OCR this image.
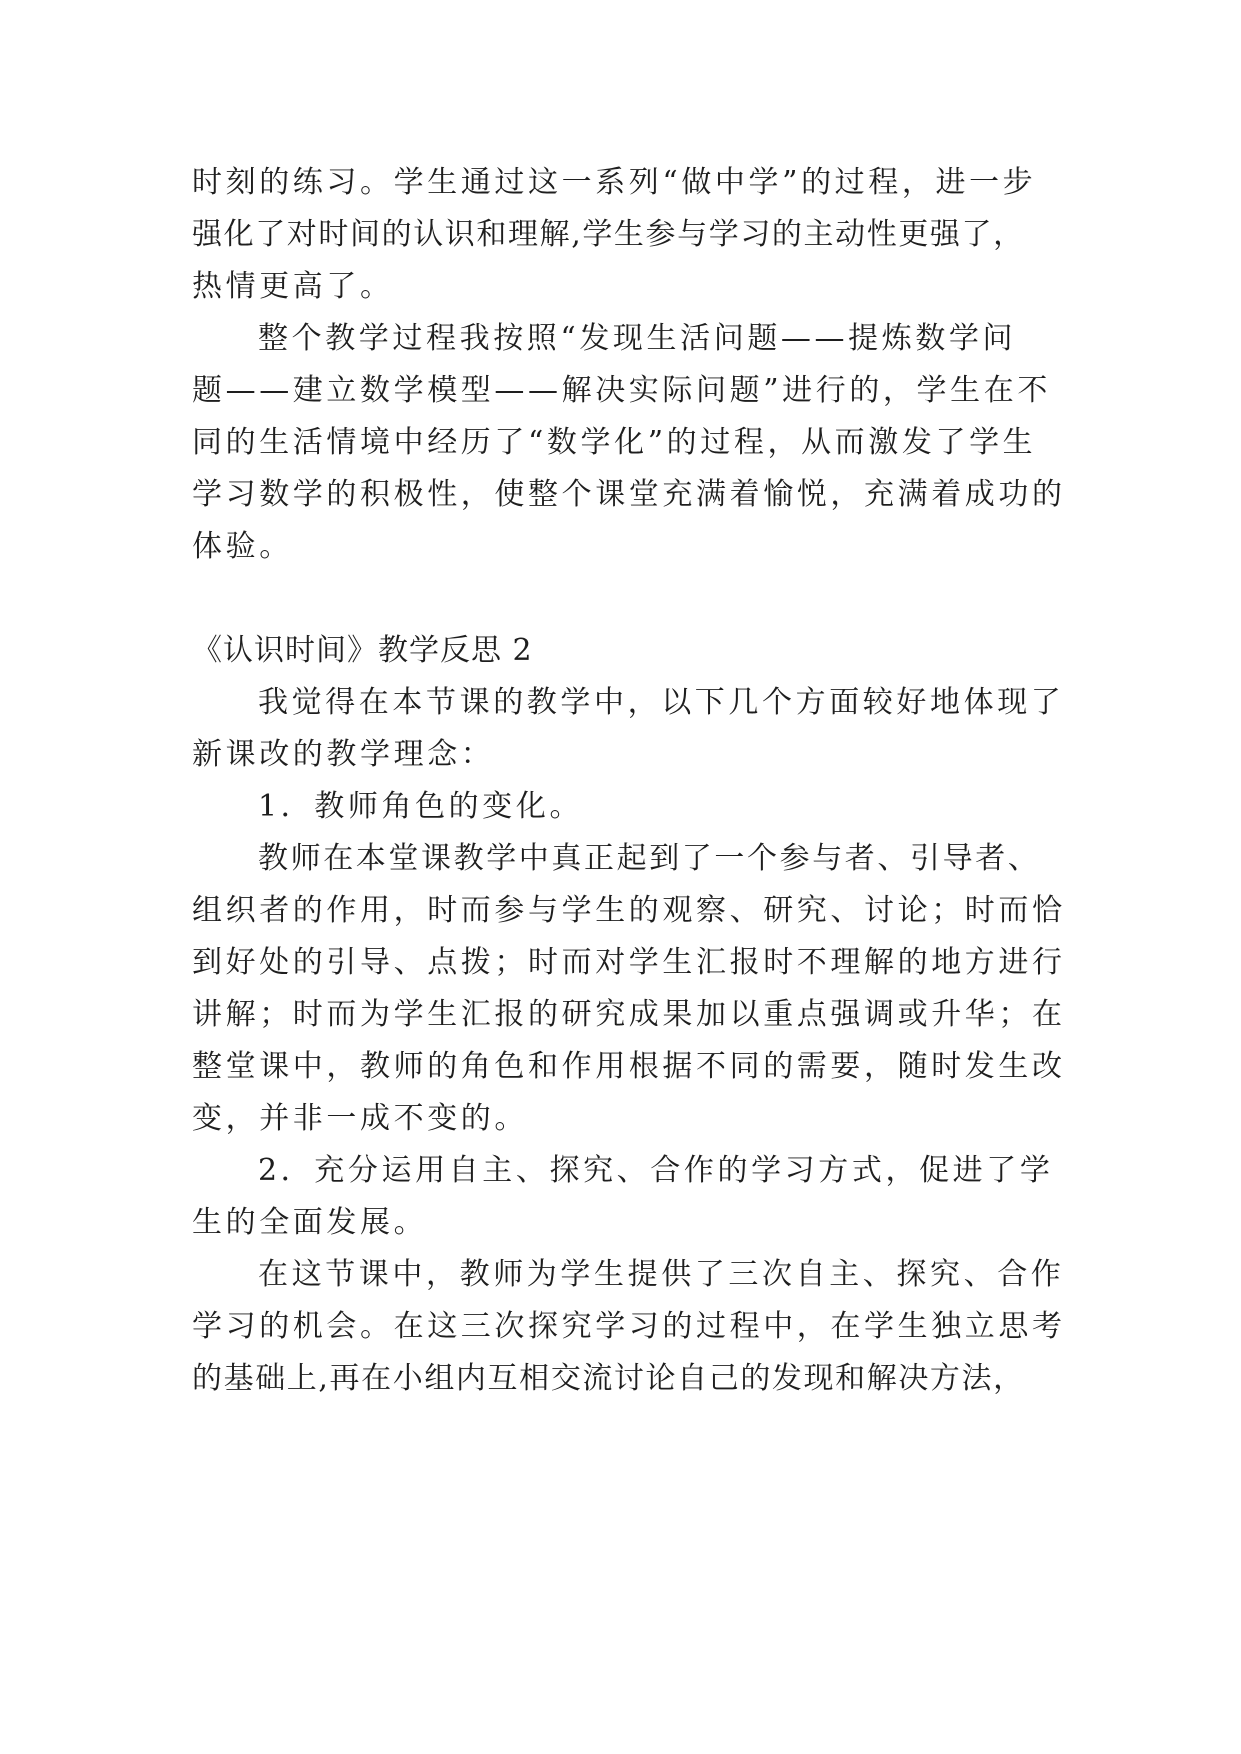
时刻的练习。学生通过这一系列“做中学”的过程，进一步

强化了对时间的认识和理解,学生参与学习的主动性更强了，

热情更高了。

整个教学过程我按照“发现生活问题——提炼数学问

题——建立数学模型——解决实际问题”进行的，学生在不

同的生活情境中经历了“数学化”的过程，从而激发了学生

学习数学的积极性，使整个课堂充满着愉悦，充满着成功的

体验。

《认识时间》教学反思 2

我觉得在本节课的教学中，以下几个方面较好地体现了

新课改的教学理念：

1．教师角色的变化。

教师在本堂课教学中真正起到了一个参与者、引导者、

组织者的作用，时而参与学生的观察、研究、讨论；时而恰

到好处的引导、点拨；时而对学生汇报时不理解的地方进行

讲解；时而为学生汇报的研究成果加以重点强调或升华；在

整堂课中，教师的角色和作用根据不同的需要，随时发生改

变，并非一成不变的。

2．充分运用自主、探究、合作的学习方式，促进了学

生的全面发展。

在这节课中，教师为学生提供了三次自主、探究、合作

学习的机会。在这三次探究学习的过程中，在学生独立思考

的基础上,再在小组内互相交流讨论自己的发现和解决方法，
